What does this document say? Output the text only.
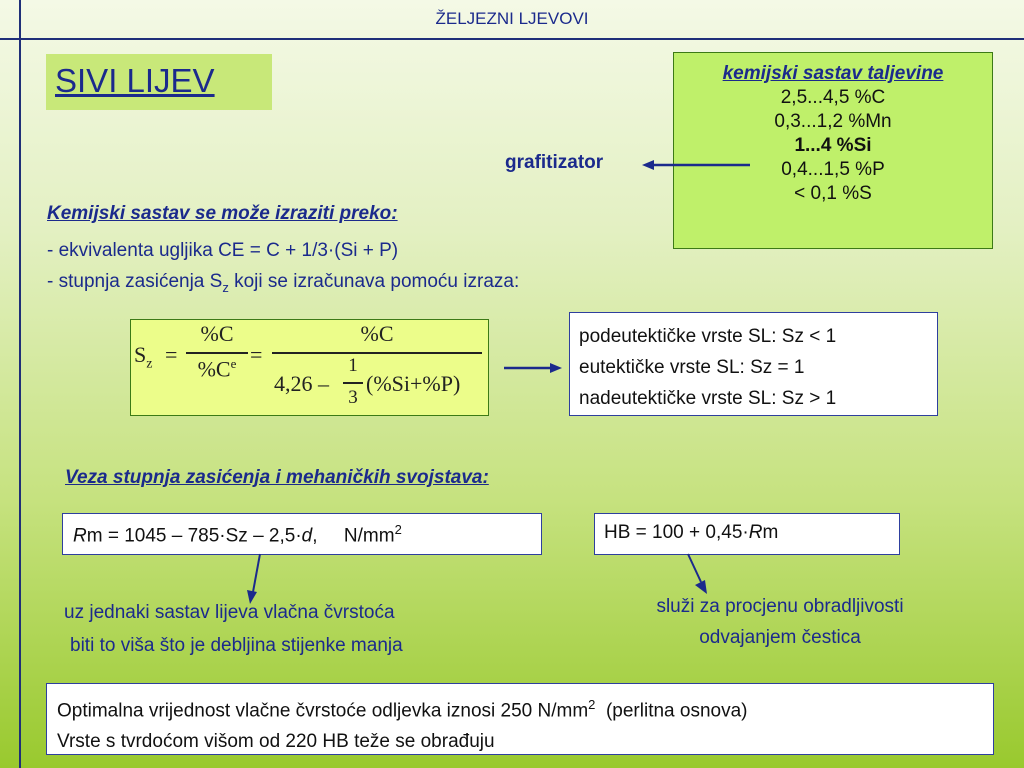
ŽELJEZNI LJEVOVI
SIVI LIJEV	kemijski sastav taljevine
2,5...4,5 %C
0,3...1,2 %Mn
1...4 %Si
0,4...1,5 %P
< 0,1 %S
grafitizator
Kemijski sastav se može izraziti preko:
- ekvivalenta ugljika CE = C + 1/3·(Si + P)
- stupnja zasićenja $S_z$ koji se izračunava pomoću izraza:
$S_z$ =
%C
$\%C^e$ =
%C
4,26 –
1
3
(%Si+%P)
podeutektičke vrste SL: Sz < 1
eutektičke vrste SL: Sz = 1
nadeutektičke vrste SL: Sz > 1
Veza stupnja zasićenja i mehaničkih svojstava:
Rm = 1045 – 785·Sz – 2,5·d,     $N/mm^2$	HB = 100 + 0,45·Rm
uz jednaki sastav lijeva vlačna čvrstoća
biti to viša što je debljina stijenke manja
služi za procjenu obradljivosti
odvajanjem čestica
Optimalna vrijednost vlačne čvrstoće odljevka iznosi 250 $N/mm^2$  (perlitna osnova)
Vrste s tvrdoćom višom od 220 HB teže se obrađuju
